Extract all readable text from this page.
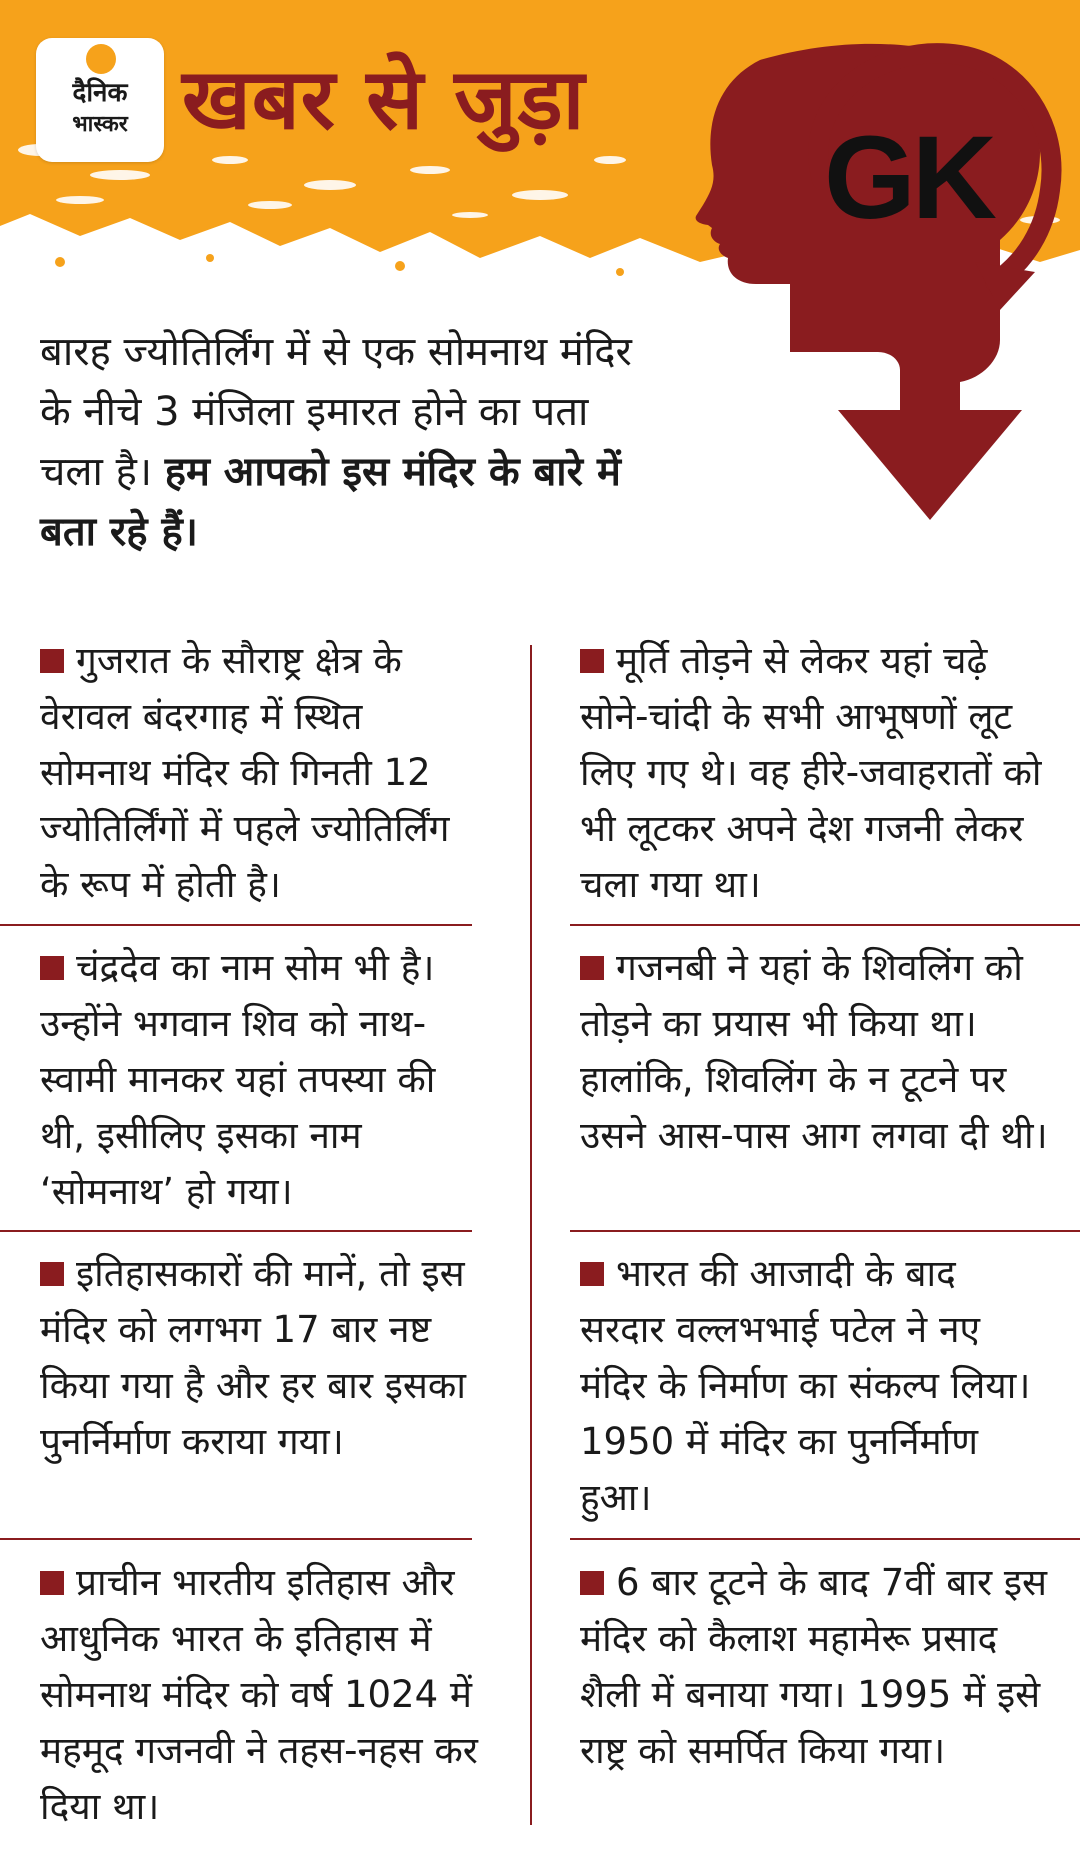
दैनिक
भास्कर खबर से जुड़ा
GK
बारह ज्योतिर्लिंग में से एक सोमनाथ मंदिर के नीचे 3 मंजिला इमारत होने का पता चला है। हम आपको इस मंदिर के बारे में बता रहे हैं।
गुजरात के सौराष्ट्र क्षेत्र के वेरावल बंदरगाह में स्थित सोमनाथ मंदिर की गिनती 12 ज्योतिर्लिंगों में पहले ज्योतिर्लिंग के रूप में होती है।
चंद्रदेव का नाम सोम भी है। उन्होंने भगवान शिव को नाथ-स्वामी मानकर यहां तपस्या की थी, इसीलिए इसका नाम ‘सोमनाथ’ हो गया।
इतिहासकारों की मानें, तो इस मंदिर को लगभग 17 बार नष्ट किया गया है और हर बार इसका पुनर्निर्माण कराया गया।
प्राचीन भारतीय इतिहास और आधुनिक भारत के इतिहास में सोमनाथ मंदिर को वर्ष 1024 में महमूद गजनवी ने तहस-नहस कर दिया था।
मूर्ति तोड़ने से लेकर यहां चढ़े सोने-चांदी के सभी आभूषणों लूट लिए गए थे। वह हीरे-जवाहरातों को भी लूटकर अपने देश गजनी लेकर चला गया था।
गजनबी ने यहां के शिवलिंग को तोड़ने का प्रयास भी किया था। हालांकि, शिवलिंग के न टूटने पर उसने आस-पास आग लगवा दी थी।
भारत की आजादी के बाद सरदार वल्लभभाई पटेल ने नए मंदिर के निर्माण का संकल्प लिया। 1950 में मंदिर का पुनर्निर्माण हुआ।
6 बार टूटने के बाद 7वीं बार इस मंदिर को कैलाश महामेरू प्रसाद शैली में बनाया गया। 1995 में इसे राष्ट्र को समर्पित किया गया।
